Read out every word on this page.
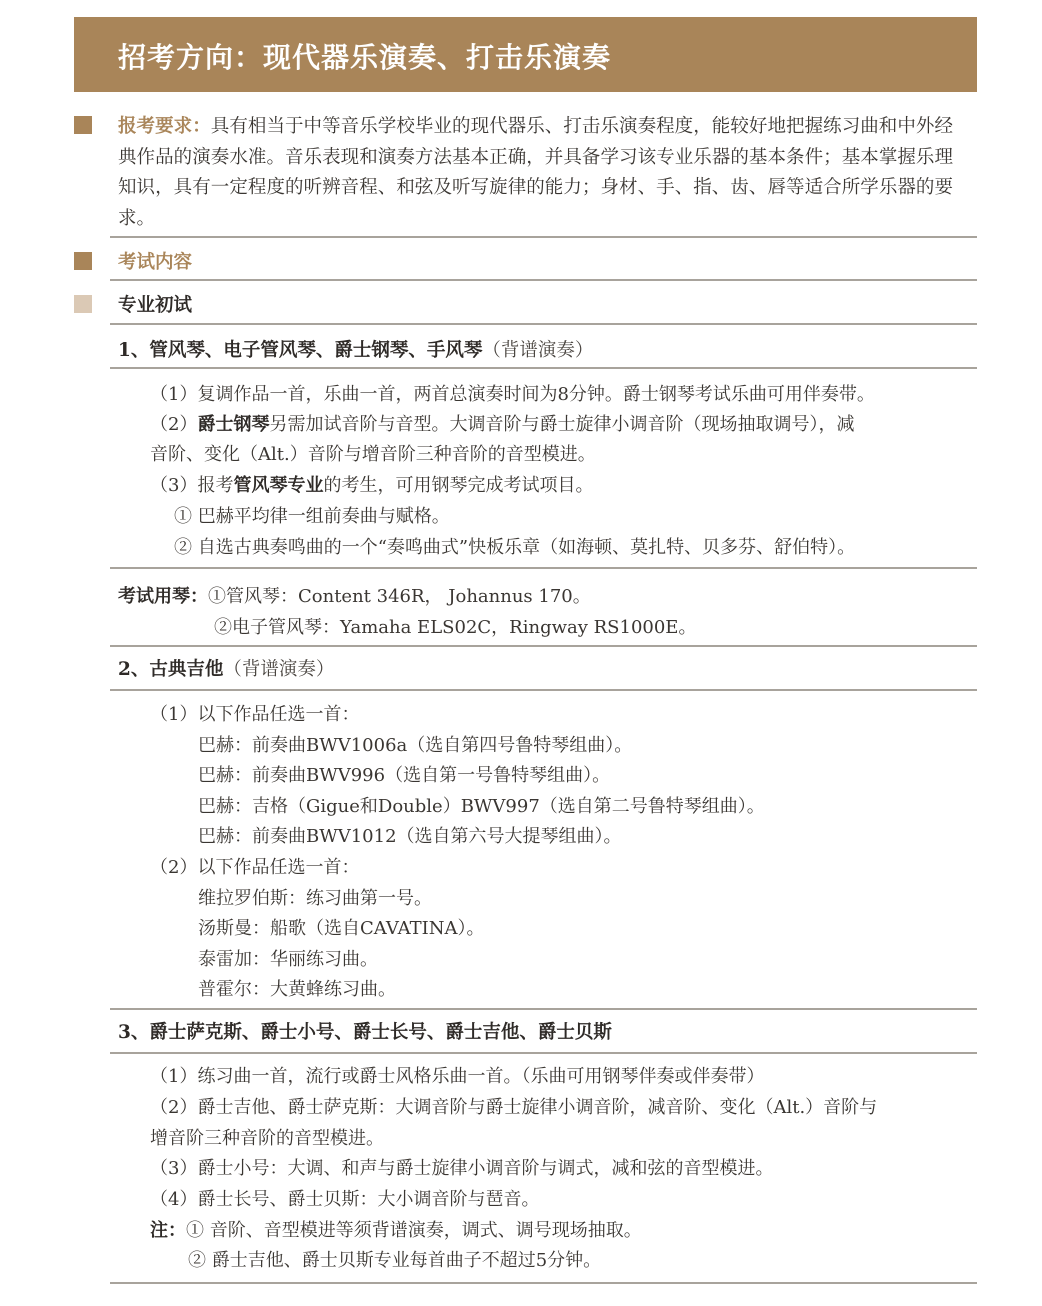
招考方向：现代器乐演奏、打击乐演奏
报考要求：具有相当于中等音乐学校毕业的现代器乐、打击乐演奏程度，能较好地把握练习曲和中外经典作品的演奏水准。音乐表现和演奏方法基本正确，并具备学习该专业乐器的基本条件；基本掌握乐理知识，具有一定程度的听辨音程、和弦及听写旋律的能力；身材、手、指、齿、唇等适合所学乐器的要求。
考试内容
专业初试
1、管风琴、电子管风琴、爵士钢琴、手风琴（背谱演奏）
（1）复调作品一首，乐曲一首，两首总演奏时间为8分钟。爵士钢琴考试乐曲可用伴奏带。
（2）爵士钢琴另需加试音阶与音型。大调音阶与爵士旋律小调音阶（现场抽取调号），减
音阶、变化（Alt.）音阶与增音阶三种音阶的音型模进。
（3）报考管风琴专业的考生，可用钢琴完成考试项目。
① 巴赫平均律一组前奏曲与赋格。
② 自选古典奏鸣曲的一个“奏鸣曲式”快板乐章（如海顿、莫扎特、贝多芬、舒伯特）。
考试用琴：①管风琴：Content 346R， Johannus 170。
②电子管风琴：Yamaha ELS02C，Ringway RS1000E。
2、古典吉他（背谱演奏）
（1）以下作品任选一首：
巴赫：前奏曲BWV1006a（选自第四号鲁特琴组曲）。
巴赫：前奏曲BWV996（选自第一号鲁特琴组曲）。
巴赫：吉格（Gigue和Double）BWV997（选自第二号鲁特琴组曲）。
巴赫：前奏曲BWV1012（选自第六号大提琴组曲）。
（2）以下作品任选一首：
维拉罗伯斯：练习曲第一号。
汤斯曼：船歌（选自CAVATINA）。
泰雷加：华丽练习曲。
普霍尔：大黄蜂练习曲。
3、爵士萨克斯、爵士小号、爵士长号、爵士吉他、爵士贝斯
（1）练习曲一首，流行或爵士风格乐曲一首。（乐曲可用钢琴伴奏或伴奏带）
（2）爵士吉他、爵士萨克斯：大调音阶与爵士旋律小调音阶，减音阶、变化（Alt.）音阶与
增音阶三种音阶的音型模进。
（3）爵士小号：大调、和声与爵士旋律小调音阶与调式，减和弦的音型模进。
（4）爵士长号、爵士贝斯：大小调音阶与琶音。
注：① 音阶、音型模进等须背谱演奏，调式、调号现场抽取。
② 爵士吉他、爵士贝斯专业每首曲子不超过5分钟。
